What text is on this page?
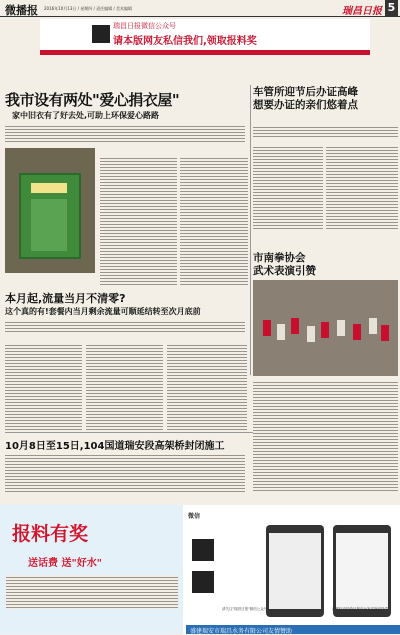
微播报 2016年10月13日 / 星期四 / 责任编辑 / 美术编辑	瑞昌日报 5
瑞昌日报微信公众号
请本版网友私信我们,领取报料奖
我市设有两处"爱心捐衣屋"
家中旧衣有了好去处,可助上环保爱心路路
车管所迎节后办证高峰
想要办证的亲们悠着点
市南拳协会
武术表演引赞
本月起,流量当月不清零?
这个真的有!套餐内当月剩余流量可顺延结转至次月底前
10月8日至15日,104国道瑞安段高架桥封闭施工
报料有奖
送话费 送"好水"
微信
请关注"瑞昌日报"微信公众号	在微信直接给日报后台发送新闻线索
盛建瑞安市瑞昌水务有限公司友情赞助
